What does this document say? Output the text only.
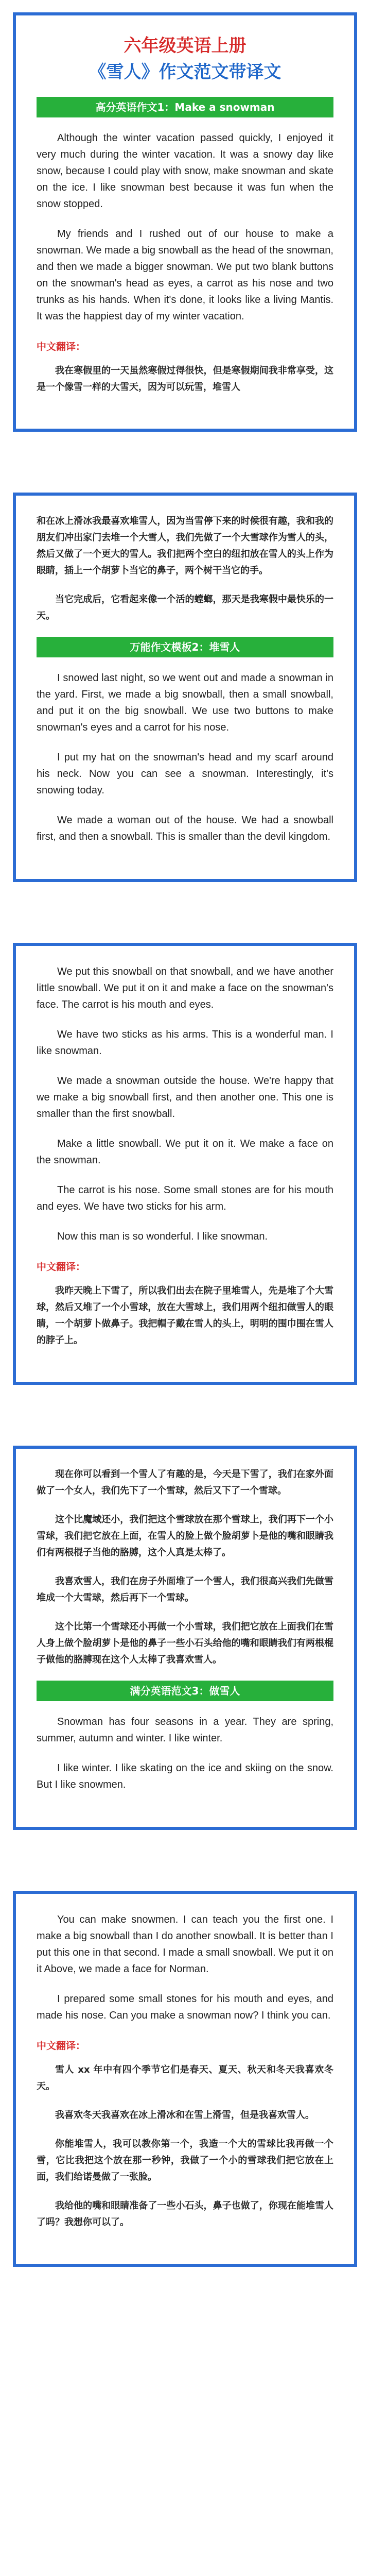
六年级英语上册
《雪人》作文范文带译文
高分英语作文1：Make a snowman

Although the winter vacation passed quickly, I enjoyed it very much during the winter vacation. It was a snowy day like snow, because I could play with snow, make snowman and skate on the ice. I like snowman best because it was fun when the snow stopped.

My friends and I rushed out of our house to make a snowman. We made a big snowball as the head of the snowman, and then we made a bigger snowman. We put two blank buttons on the snowman's head as eyes, a carrot as his nose and two trunks as his hands. When it's done, it looks like a living Mantis. It was the happiest day of my winter vacation.

中文翻译：

我在寒假里的一天虽然寒假过得很快，但是寒假期间我非常享受，这是一个像雪一样的大雪天，因为可以玩雪，堆雪人

和在冰上滑冰我最喜欢堆雪人，因为当雪停下来的时候很有趣，我和我的朋友们冲出家门去堆一个大雪人，我们先做了一个大雪球作为雪人的头，然后又做了一个更大的雪人。我们把两个空白的纽扣放在雪人的头上作为眼睛，插上一个胡萝卜当它的鼻子，两个树干当它的手。

当它完成后，它看起来像一个活的螳螂，那天是我寒假中最快乐的一天。

万能作文模板2：堆雪人

I snowed last night, so we went out and made a snowman in the yard. First, we made a big snowball, then a small snowball, and put it on the big snowball. We use two buttons to make snowman's eyes and a carrot for his nose.

I put my hat on the snowman's head and my scarf around his neck. Now you can see a snowman. Interestingly, it's snowing today.

We made a woman out of the house. We had a snowball first, and then a snowball. This is smaller than the devil kingdom.

We put this snowball on that snowball, and we have another little snowball. We put it on it and make a face on the snowman's face. The carrot is his mouth and eyes.

We have two sticks as his arms. This is a wonderful man. I like snowman.

We made a snowman outside the house. We're happy that we make a big snowball first, and then another one. This one is smaller than the first snowball.

Make a little snowball. We put it on it. We make a face on the snowman.

The carrot is his nose. Some small stones are for his mouth and eyes. We have two sticks for his arm.

Now this man is so wonderful. I like snowman.

中文翻译：

我昨天晚上下雪了，所以我们出去在院子里堆雪人，先是堆了个大雪球，然后又堆了一个小雪球，放在大雪球上，我们用两个纽扣做雪人的眼睛，一个胡萝卜做鼻子。我把帽子戴在雪人的头上，明明的围巾围在雪人的脖子上。

现在你可以看到一个雪人了有趣的是，今天是下雪了，我们在家外面做了一个女人，我们先下了一个雪球，然后又下了一个雪球。

这个比魔域还小，我们把这个雪球放在那个雪球上，我们再下一个小雪球，我们把它放在上面，在雪人的脸上做个脸胡萝卜是他的嘴和眼睛我们有两根棍子当他的胳膊，这个人真是太棒了。

我喜欢雪人，我们在房子外面堆了一个雪人，我们很高兴我们先做雪堆成一个大雪球，然后再下一个雪球。

这个比第一个雪球还小再做一个小雪球，我们把它放在上面我们在雪人身上做个脸胡萝卜是他的鼻子一些小石头给他的嘴和眼睛我们有两根棍子做他的胳膊现在这个人太棒了我喜欢雪人。

满分英语范文3：做雪人

Snowman has four seasons in a year. They are spring, summer, autumn and winter. I like winter.

I like winter. I like skating on the ice and skiing on the snow. But I like snowmen.

You can make snowmen. I can teach you the first one. I make a big snowball than I do another snowball. It is better than I put this one in that second. I made a small snowball. We put it on it Above, we made a face for Norman.

I prepared some small stones for his mouth and eyes, and made his nose. Can you make a snowman now? I think you can.

中文翻译：

雪人 xx 年中有四个季节它们是春天、夏天、秋天和冬天我喜欢冬天。

我喜欢冬天我喜欢在冰上滑冰和在雪上滑雪，但是我喜欢雪人。

你能堆雪人，我可以教你第一个，我造一个大的雪球比我再做一个雪，它比我把这个放在那一秒钟，我做了一个小的雪球我们把它放在上面，我们给诺曼做了一张脸。

我给他的嘴和眼睛准备了一些小石头，鼻子也做了，你现在能堆雪人了吗？我想你可以了。
